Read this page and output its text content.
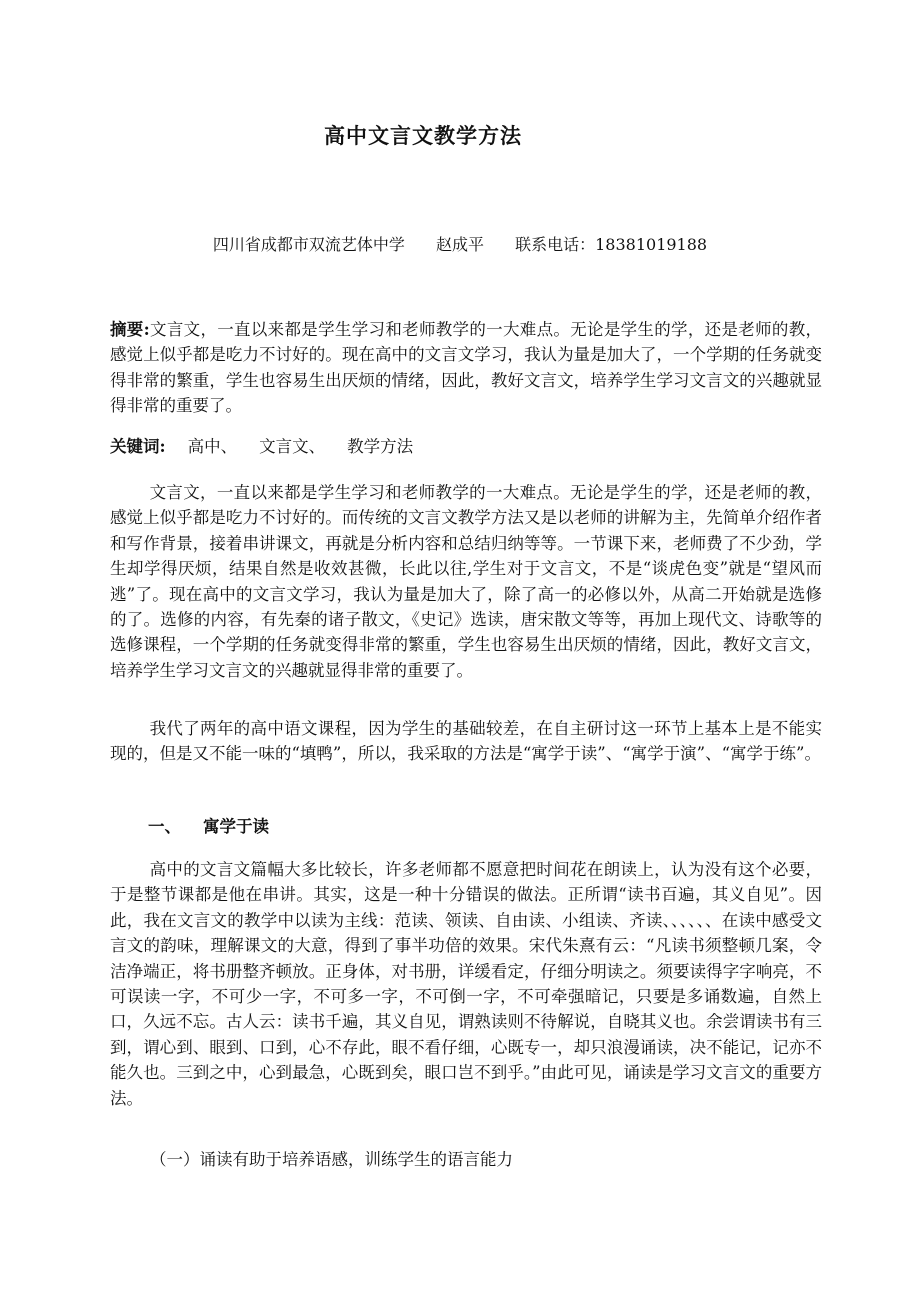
高中文言文教学方法
四川省成都市双流艺体中学 赵成平 联系电话：18381019188

摘要:文言文，一直以来都是学生学习和老师教学的一大难点。无论是学生的学，还是老师的教，感觉上似乎都是吃力不讨好的。现在高中的文言文学习，我认为量是加大了，一个学期的任务就变得非常的繁重，学生也容易生出厌烦的情绪，因此，教好文言文，培养学生学习文言文的兴趣就显得非常的重要了。

关键词: 高中、 文言文、 教学方法

文言文，一直以来都是学生学习和老师教学的一大难点。无论是学生的学，还是老师的教，感觉上似乎都是吃力不讨好的。而传统的文言文教学方法又是以老师的讲解为主，先简单介绍作者和写作背景，接着串讲课文，再就是分析内容和总结归纳等等。一节课下来，老师费了不少劲，学生却学得厌烦，结果自然是收效甚微，长此以往,学生对于文言文，不是“谈虎色变”就是“望风而逃”了。现在高中的文言文学习，我认为量是加大了，除了高一的必修以外，从高二开始就是选修的了。选修的内容，有先秦的诸子散文，《史记》选读，唐宋散文等等，再加上现代文、诗歌等的选修课程，一个学期的任务就变得非常的繁重，学生也容易生出厌烦的情绪，因此，教好文言文，培养学生学习文言文的兴趣就显得非常的重要了。

我代了两年的高中语文课程，因为学生的基础较差，在自主研讨这一环节上基本上是不能实现的，但是又不能一味的“填鸭”，所以，我采取的方法是“寓学于读”、“寓学于演”、“寓学于练”。

一、 寓学于读

高中的文言文篇幅大多比较长，许多老师都不愿意把时间花在朗读上，认为没有这个必要，于是整节课都是他在串讲。其实，这是一种十分错误的做法。正所谓“读书百遍，其义自见”。因此，我在文言文的教学中以读为主线：范读、领读、自由读、小组读、齐读、、、、、、在读中感受文言文的韵味，理解课文的大意，得到了事半功倍的效果。宋代朱熹有云：“凡读书须整顿几案，令洁净端正，将书册整齐顿放。正身体，对书册，详缓看定，仔细分明读之。须要读得字字响亮，不可误读一字，不可少一字，不可多一字，不可倒一字，不可牵强暗记，只要是多诵数遍，自然上口，久远不忘。古人云：读书千遍，其义自见，谓熟读则不待解说，自晓其义也。余尝谓读书有三到，谓心到、眼到、口到，心不存此，眼不看仔细，心既专一，却只浪漫诵读，决不能记，记亦不能久也。三到之中，心到最急，心既到矣，眼口岂不到乎。”由此可见，诵读是学习文言文的重要方法。

（一）诵读有助于培养语感，训练学生的语言能力
